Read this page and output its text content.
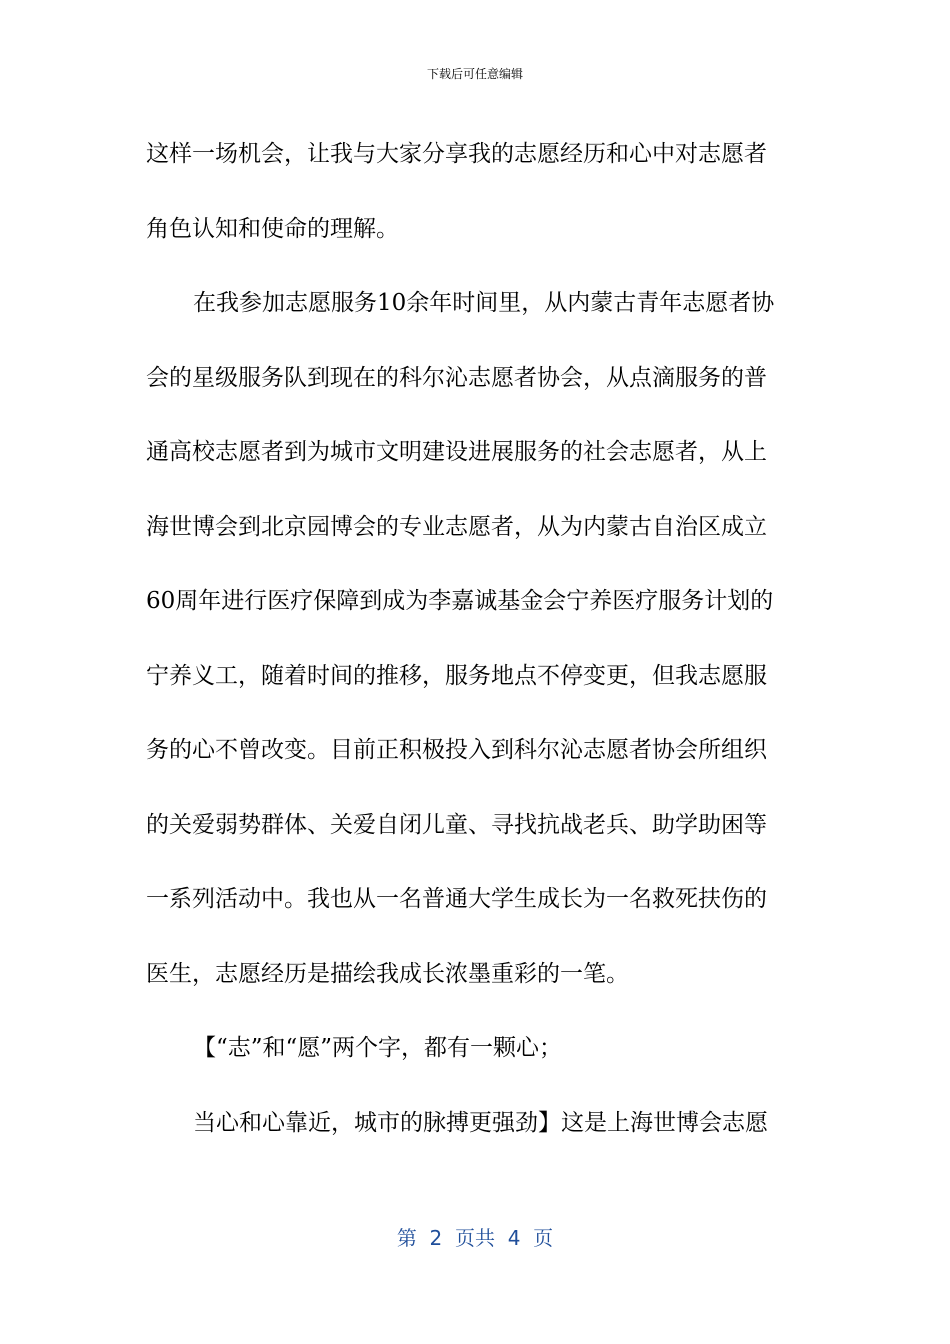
下载后可任意编辑
这样一场机会，让我与大家分享我的志愿经历和心中对志愿者
角色认知和使命的理解。
在我参加志愿服务10余年时间里，从内蒙古青年志愿者协
会的星级服务队到现在的科尔沁志愿者协会，从点滴服务的普
通高校志愿者到为城市文明建设进展服务的社会志愿者，从上
海世博会到北京园博会的专业志愿者，从为内蒙古自治区成立
60周年进行医疗保障到成为李嘉诚基金会宁养医疗服务计划的
宁养义工，随着时间的推移，服务地点不停变更，但我志愿服
务的心不曾改变。目前正积极投入到科尔沁志愿者协会所组织
的关爱弱势群体、关爱自闭儿童、寻找抗战老兵、助学助困等
一系列活动中。我也从一名普通大学生成长为一名救死扶伤的
医生，志愿经历是描绘我成长浓墨重彩的一笔。
【“志”和“愿”两个字，都有一颗心；
当心和心靠近，城市的脉搏更强劲】这是上海世博会志愿
第  2  页共  4  页
